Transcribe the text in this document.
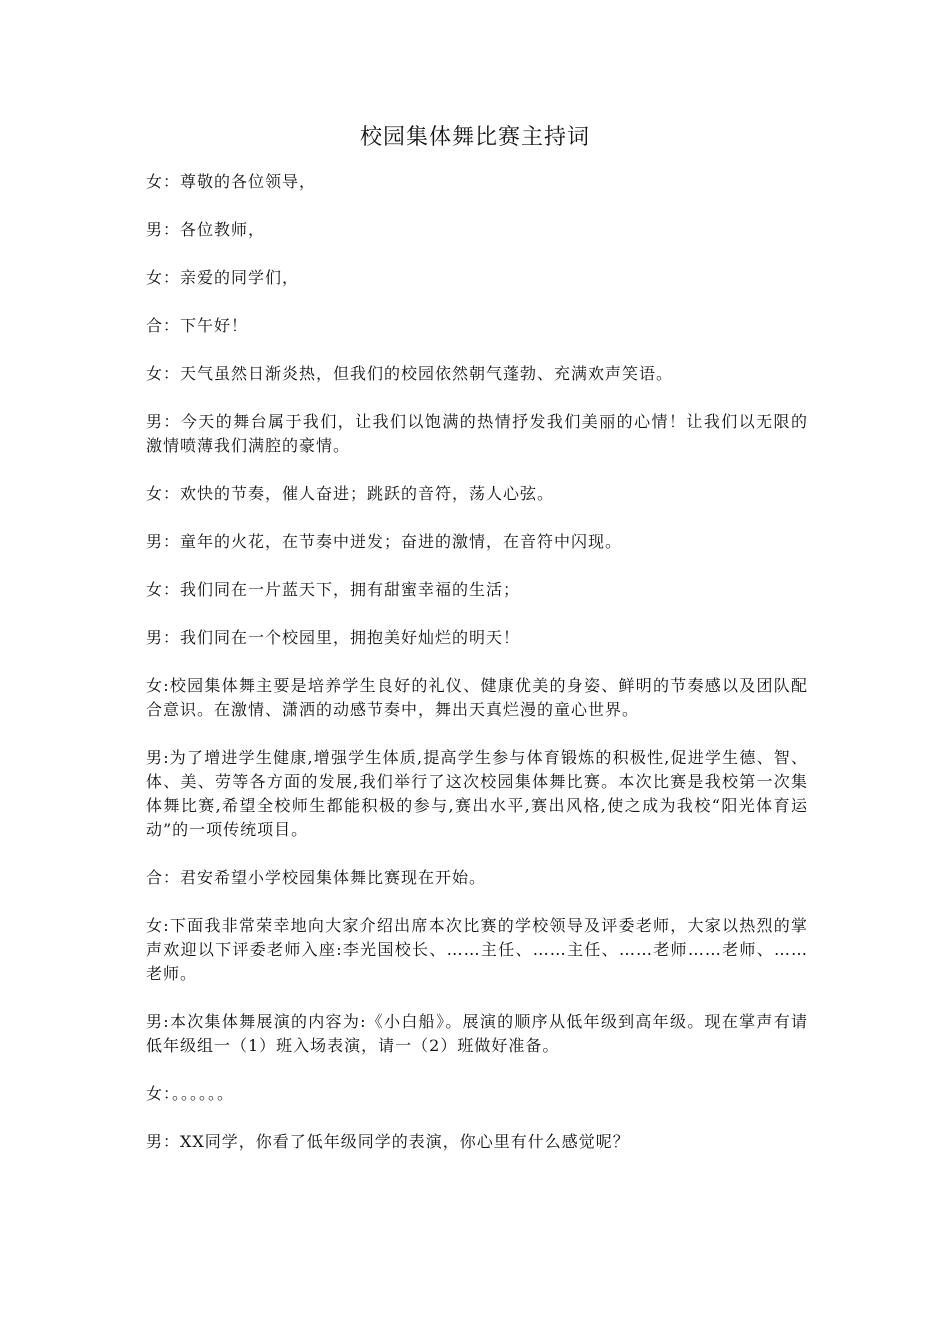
校园集体舞比赛主持词

女：尊敬的各位领导，

男：各位教师，

女：亲爱的同学们，

合：下午好！

女：天气虽然日渐炎热，但我们的校园依然朝气蓬勃、充满欢声笑语。

男：今天的舞台属于我们，让我们以饱满的热情抒发我们美丽的心情！让我们以无限的激情喷薄我们满腔的豪情。

女：欢快的节奏，催人奋进；跳跃的音符，荡人心弦。

男：童年的火花，在节奏中迸发；奋进的激情，在音符中闪现。

女：我们同在一片蓝天下，拥有甜蜜幸福的生活；

男：我们同在一个校园里，拥抱美好灿烂的明天！

女:校园集体舞主要是培养学生良好的礼仪、健康优美的身姿、鲜明的节奏感以及团队配合意识。在激情、潇洒的动感节奏中，舞出天真烂漫的童心世界。

男:为了增进学生健康,增强学生体质,提高学生参与体育锻炼的积极性,促进学生德、智、体、美、劳等各方面的发展,我们举行了这次校园集体舞比赛。本次比赛是我校第一次集体舞比赛,希望全校师生都能积极的参与,赛出水平,赛出风格,使之成为我校“阳光体育运动”的一项传统项目。

合：君安希望小学校园集体舞比赛现在开始。

女:下面我非常荣幸地向大家介绍出席本次比赛的学校领导及评委老师，大家以热烈的掌声欢迎以下评委老师入座:李光国校长、……主任、……主任、……老师……老师、……老师。

男:本次集体舞展演的内容为:《小白船》。展演的顺序从低年级到高年级。现在掌声有请低年级组一（1）班入场表演，请一（2）班做好准备。

女：。。。。。。

男：XX同学，你看了低年级同学的表演，你心里有什么感觉呢？
